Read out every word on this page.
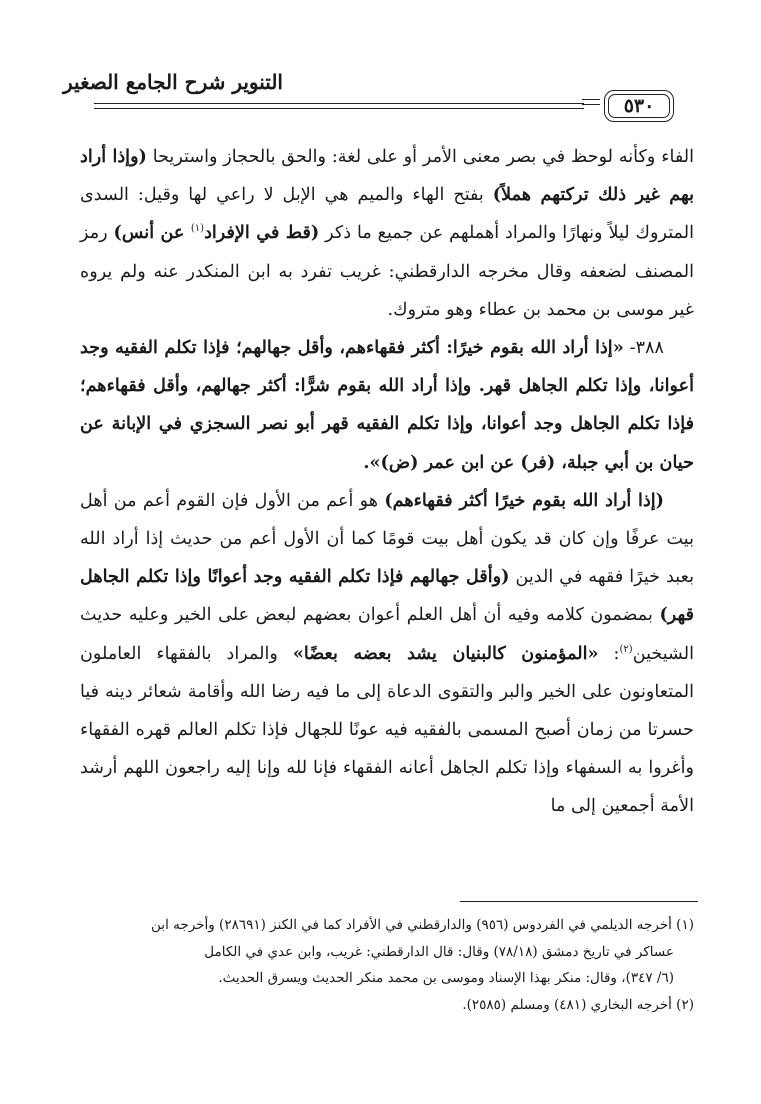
التنوير شرح الجامع الصغير
٥٣٠

الفاء وكأنه لوحظ في بصر معنى الأمر أو على لغة: والحق بالحجاز واستريحا (وإذا أراد بهم غير ذلك تركتهم هملاً) بفتح الهاء والميم هي الإبل لا راعي لها وقيل: السدى المتروك ليلاً ونهارًا والمراد أهملهم عن جميع ما ذكر (قط في الإفراد$^{(١)}$ عن أنس) رمز المصنف لضعفه وقال مخرجه الدارقطني: غريب تفرد به ابن المنكدر عنه ولم يروه غير موسى بن محمد بن عطاء وهو متروك.

٣٨٨- «إذا أراد الله بقوم خيرًا: أكثر فقهاءهم، وأقل جهالهم؛ فإذا تكلم الفقيه وجد أعوانا، وإذا تكلم الجاهل قهر. وإذا أراد الله بقوم شرًّا: أكثر جهالهم، وأقل فقهاءهم؛ فإذا تكلم الجاهل وجد أعوانا، وإذا تكلم الفقيه قهر أبو نصر السجزي في الإبانة عن حيان بن أبي جبلة، (فر) عن ابن عمر (ض)».

(إذا أراد الله بقوم خيرًا أكثر فقهاءهم) هو أعم من الأول فإن القوم أعم من أهل بيت عرفًا وإن كان قد يكون أهل بيت قومًا كما أن الأول أعم من حديث إذا أراد الله بعبد خيرًا فقهه في الدين (وأقل جهالهم فإذا تكلم الفقيه وجد أعوانًا وإذا تكلم الجاهل قهر) بمضمون كلامه وفيه أن أهل العلم أعوان بعضهم لبعض على الخير وعليه حديث الشيخين$^{(٢)}$: «المؤمنون كالبنيان يشد بعضه بعضًا» والمراد بالفقهاء العاملون المتعاونون على الخير والبر والتقوى الدعاة إلى ما فيه رضا الله وأقامة شعائر دينه فيا حسرتا من زمان أصبح المسمى بالفقيه فيه عونًا للجهال فإذا تكلم العالم قهره الفقهاء وأغروا به السفهاء وإذا تكلم الجاهل أعانه الفقهاء فإنا لله وإنا إليه راجعون اللهم أرشد الأمة أجمعين إلى ما

(١) أخرجه الديلمي في الفردوس (٩٥٦) والدارقطني في الأفراد كما في الكنز (٢٨٦٩١) وأخرجه ابن

عساكر في تاريخ دمشق (٧٨/١٨) وقال: قال الدارقطني: غريب، وابن عدي في الكامل

(٦/ ٣٤٧)، وقال: منكر بهذا الإسناد وموسى بن محمد منكر الحديث ويسرق الحديث.

(٢) أخرجه البخاري (٤٨١) ومسلم (٢٥٨٥).
